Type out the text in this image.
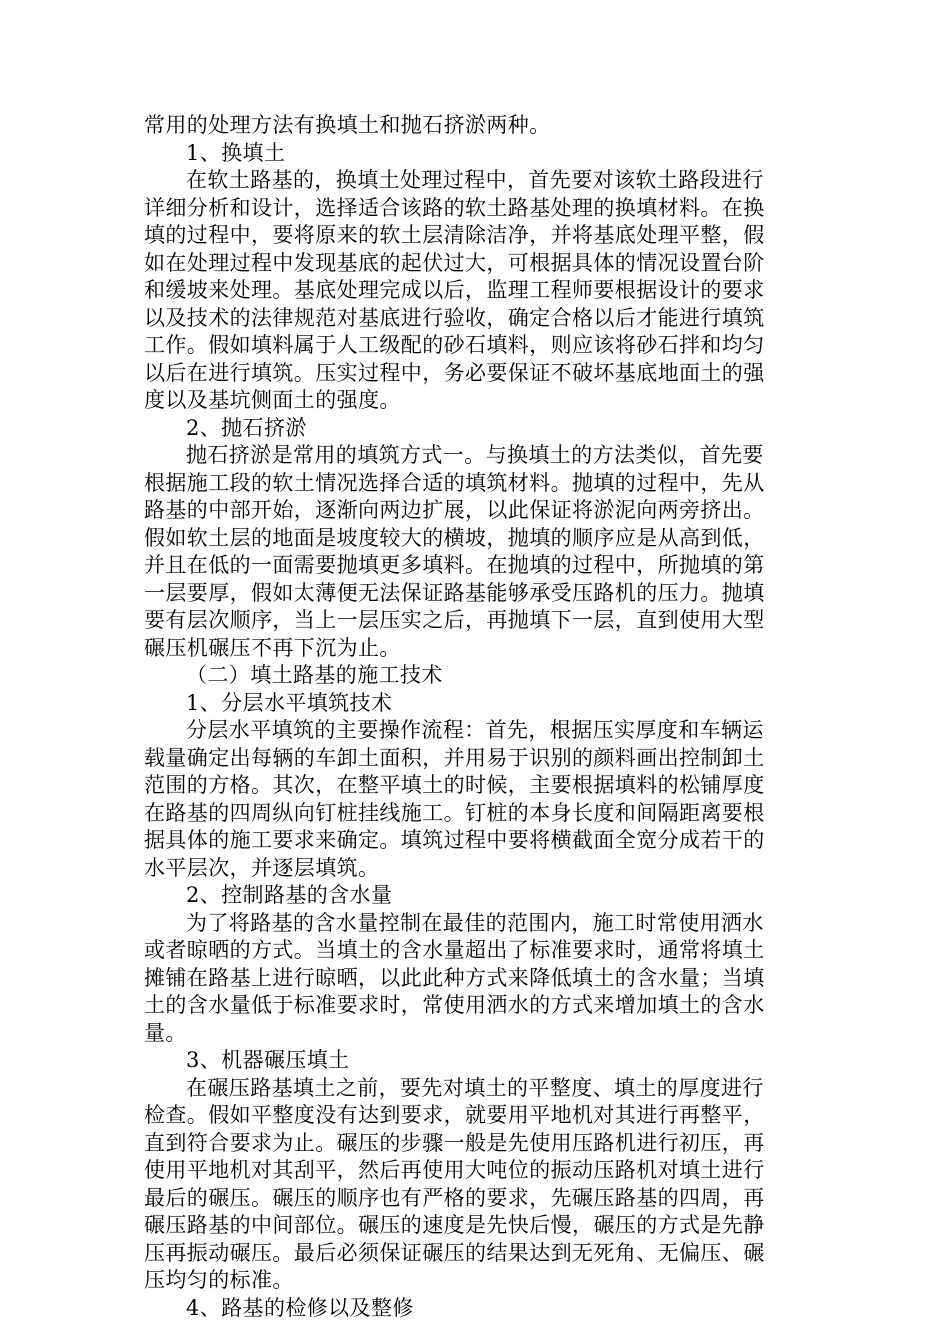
常用的处理方法有换填土和抛石挤淤两种。
1、换填土
在软土路基的，换填土处理过程中，首先要对该软土路段进行
详细分析和设计，选择适合该路的软土路基处理的换填材料。在换
填的过程中，要将原来的软土层清除洁净，并将基底处理平整，假
如在处理过程中发现基底的起伏过大，可根据具体的情况设置台阶
和缓坡来处理。基底处理完成以后，监理工程师要根据设计的要求
以及技术的法律规范对基底进行验收，确定合格以后才能进行填筑
工作。假如填料属于人工级配的砂石填料，则应该将砂石拌和均匀
以后在进行填筑。压实过程中，务必要保证不破坏基底地面土的强
度以及基坑侧面土的强度。
2、抛石挤淤
抛石挤淤是常用的填筑方式一。与换填土的方法类似，首先要
根据施工段的软土情况选择合适的填筑材料。抛填的过程中，先从
路基的中部开始，逐渐向两边扩展，以此保证将淤泥向两旁挤出。
假如软土层的地面是坡度较大的横坡，抛填的顺序应是从高到低，
并且在低的一面需要抛填更多填料。在抛填的过程中，所抛填的第
一层要厚，假如太薄便无法保证路基能够承受压路机的压力。抛填
要有层次顺序，当上一层压实之后，再抛填下一层，直到使用大型
碾压机碾压不再下沉为止。
（二）填土路基的施工技术
1、分层水平填筑技术
分层水平填筑的主要操作流程：首先，根据压实厚度和车辆运
载量确定出每辆的车卸土面积，并用易于识别的颜料画出控制卸土
范围的方格。其次，在整平填土的时候，主要根据填料的松铺厚度
在路基的四周纵向钉桩挂线施工。钉桩的本身长度和间隔距离要根
据具体的施工要求来确定。填筑过程中要将横截面全宽分成若干的
水平层次，并逐层填筑。
2、控制路基的含水量
为了将路基的含水量控制在最佳的范围内，施工时常使用洒水
或者晾晒的方式。当填土的含水量超出了标准要求时，通常将填土
摊铺在路基上进行晾晒，以此此种方式来降低填土的含水量；当填
土的含水量低于标准要求时，常使用洒水的方式来增加填土的含水
量。
3、机器碾压填土
在碾压路基填土之前，要先对填土的平整度、填土的厚度进行
检查。假如平整度没有达到要求，就要用平地机对其进行再整平，
直到符合要求为止。碾压的步骤一般是先使用压路机进行初压，再
使用平地机对其刮平，然后再使用大吨位的振动压路机对填土进行
最后的碾压。碾压的顺序也有严格的要求，先碾压路基的四周，再
碾压路基的中间部位。碾压的速度是先快后慢，碾压的方式是先静
压再振动碾压。最后必须保证碾压的结果达到无死角、无偏压、碾
压均匀的标准。
4、路基的检修以及整修
